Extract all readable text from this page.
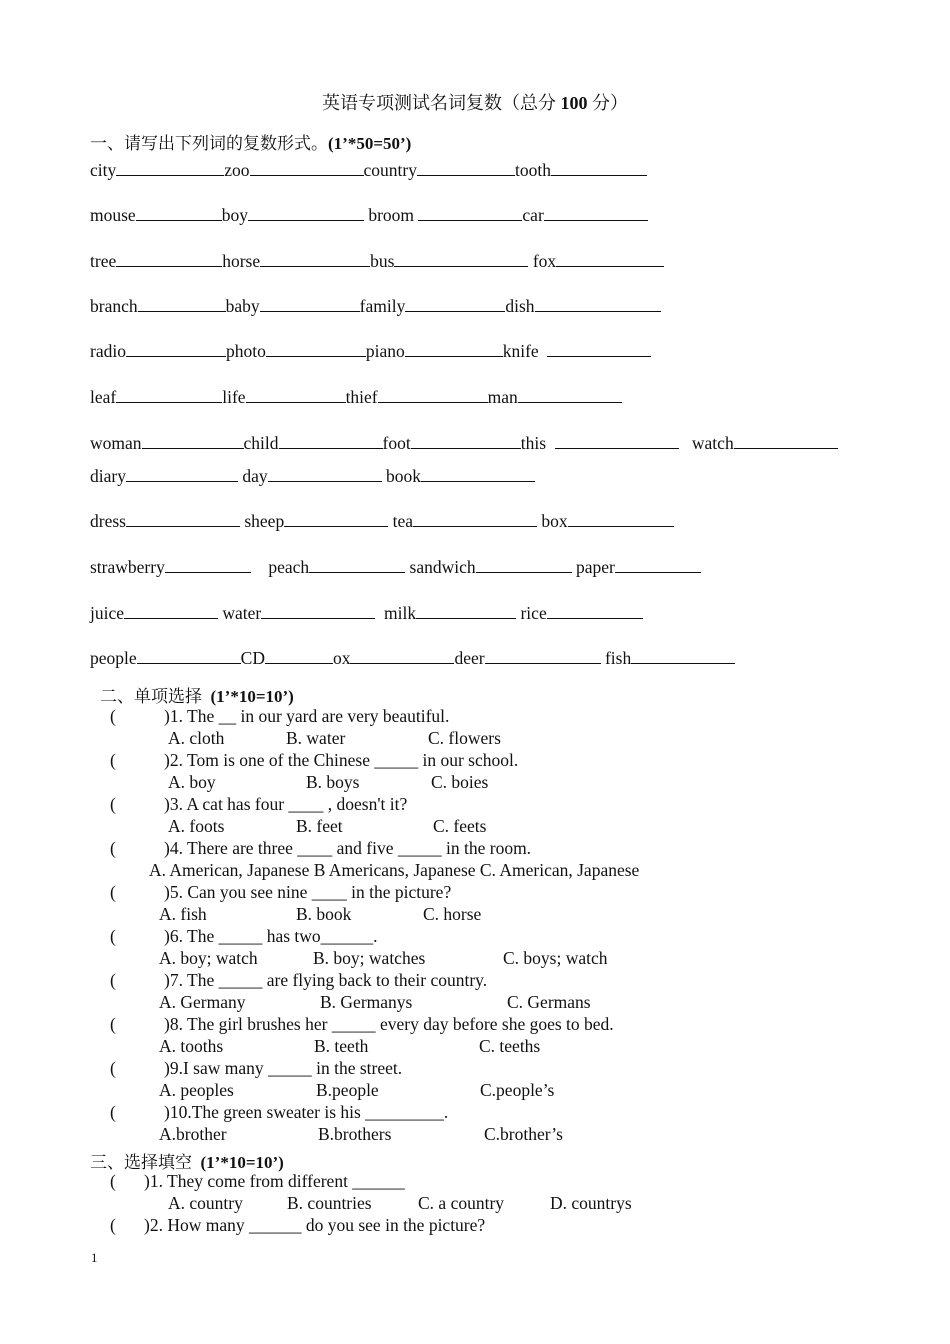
英语专项测试名词复数（总分 100 分）
一、请写出下列词的复数形式。(1’*50=50’)
city	zoo	country	tooth
mouse	boy	broom	car
tree	horse	bus	fox
branch	baby	family	dish
radio	photo	piano	knife
leaf	life	thief	man
woman	child	foot	this	watch
diary	day	book
dress	sheep	tea	box
strawberry	peach	sandwich	paper
juice	water	milk	rice
people	CD	ox	deer	fish
二、单项选择 (1’*10=10’)
(	)1. The __ in our yard are very beautiful.
A. cloth	B. water	C. flowers
(	)2. Tom is one of the Chinese _____ in our school.
A. boy	B. boys	C. boies
(	)3. A cat has four ____ , doesn't it?
A. foots	B. feet	C. feets
(	)4. There are three ____ and five _____ in the room.
A. American, Japanese B Americans, Japanese C. American, Japanese
(	)5. Can you see nine ____ in the picture?
A. fish	B. book	C. horse
(	)6. The _____ has two______.
A. boy; watch	B. boy; watches	C. boys; watch
(	)7. The _____ are flying back to their country.
A. Germany	B. Germanys	C. Germans
(	)8. The girl brushes her _____ every day before she goes to bed.
A. tooths	B. teeth	C. teeths
(	)9.I saw many _____ in the street.
A. peoples	B.people	C.people’s
(	)10.The green sweater is his _________.
A.brother	B.brothers	C.brother’s
三、选择填空 (1’*10=10’)
( )1. They come from different ______
A. country	B. countries	C. a country	D. countrys
( )2. How many ______ do you see in the picture?
1
